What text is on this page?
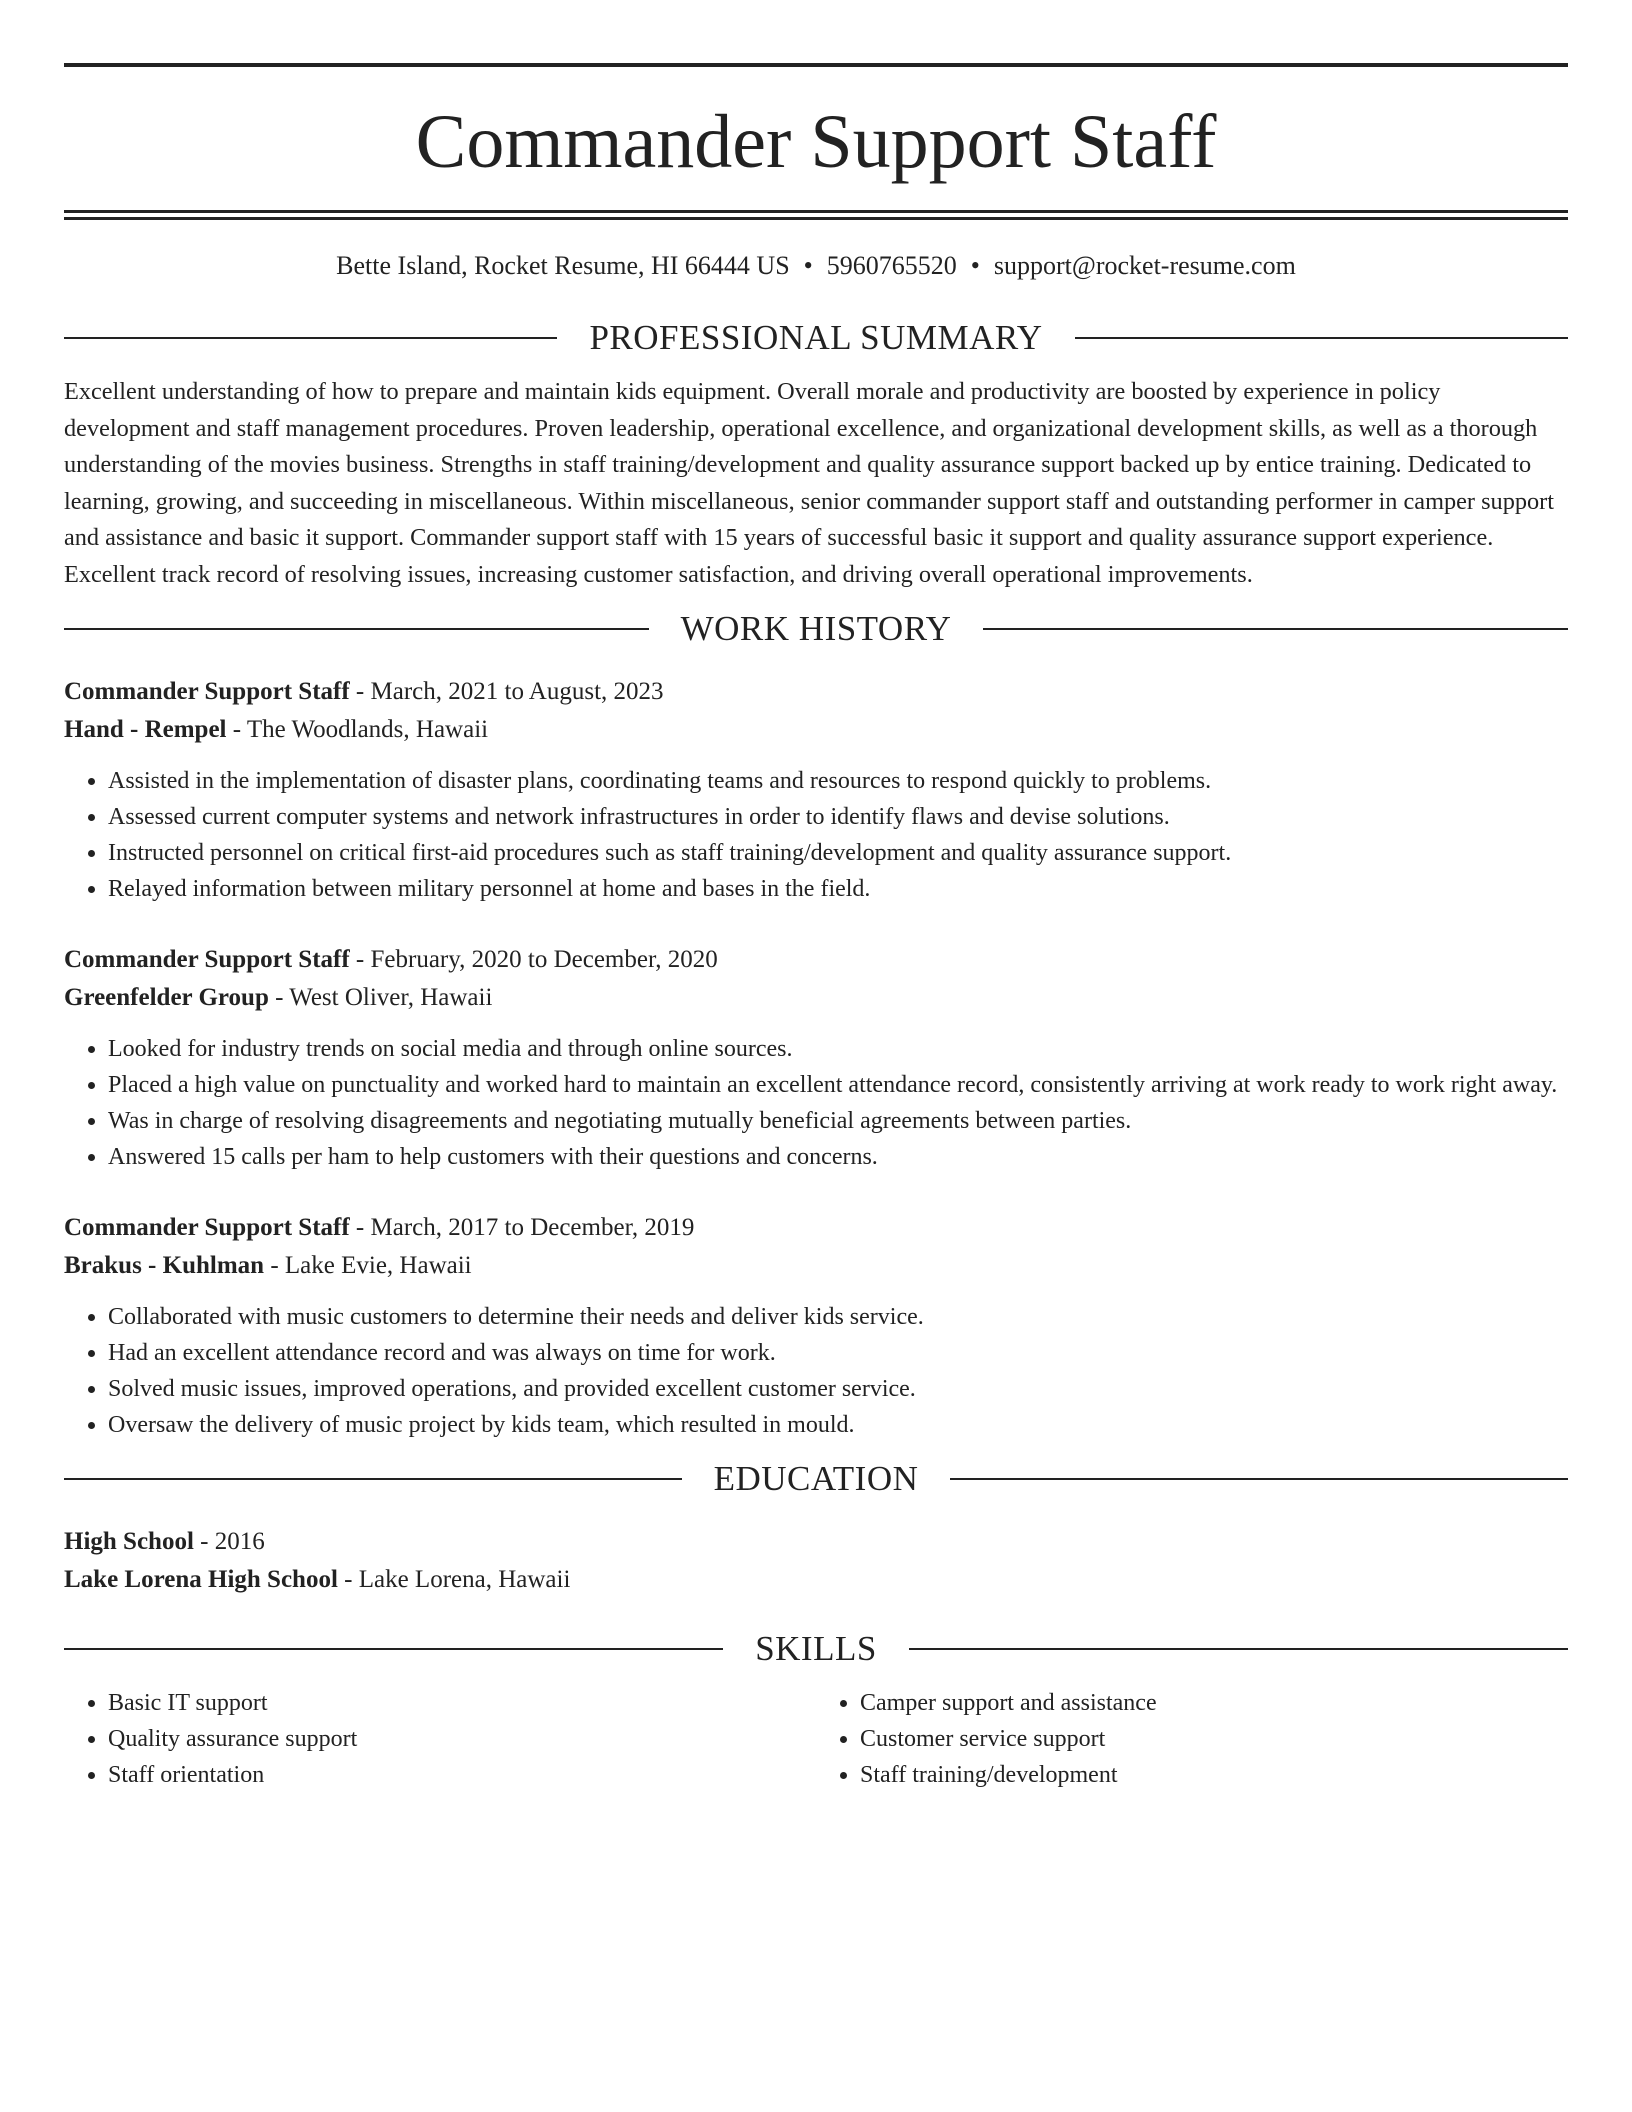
Commander Support Staff
Bette Island, Rocket Resume, HI 66444 US • 5960765520 • support@rocket-resume.com
PROFESSIONAL SUMMARY

Excellent understanding of how to prepare and maintain kids equipment. Overall morale and productivity are boosted by experience in policy development and staff management procedures. Proven leadership, operational excellence, and organizational development skills, as well as a thorough understanding of the movies business. Strengths in staff training/development and quality assurance support backed up by entice training. Dedicated to learning, growing, and succeeding in miscellaneous. Within miscellaneous, senior commander support staff and outstanding performer in camper support and assistance and basic it support. Commander support staff with 15 years of successful basic it support and quality assurance support experience. Excellent track record of resolving issues, increasing customer satisfaction, and driving overall operational improvements.

WORK HISTORY
Commander Support Staff - March, 2021 to August, 2023
Hand - Rempel - The Woodlands, Hawaii
• Assisted in the implementation of disaster plans, coordinating teams and resources to respond quickly to problems.
• Assessed current computer systems and network infrastructures in order to identify flaws and devise solutions.
• Instructed personnel on critical first-aid procedures such as staff training/development and quality assurance support.
• Relayed information between military personnel at home and bases in the field.
Commander Support Staff - February, 2020 to December, 2020
Greenfelder Group - West Oliver, Hawaii
• Looked for industry trends on social media and through online sources.
• Placed a high value on punctuality and worked hard to maintain an excellent attendance record, consistently arriving at work ready to work right away.
• Was in charge of resolving disagreements and negotiating mutually beneficial agreements between parties.
• Answered 15 calls per ham to help customers with their questions and concerns.
Commander Support Staff - March, 2017 to December, 2019
Brakus - Kuhlman - Lake Evie, Hawaii
• Collaborated with music customers to determine their needs and deliver kids service.
• Had an excellent attendance record and was always on time for work.
• Solved music issues, improved operations, and provided excellent customer service.
• Oversaw the delivery of music project by kids team, which resulted in mould.
EDUCATION
High School - 2016
Lake Lorena High School - Lake Lorena, Hawaii
SKILLS
• Basic IT support
• Quality assurance support
• Staff orientation
• Camper support and assistance
• Customer service support
• Staff training/development
